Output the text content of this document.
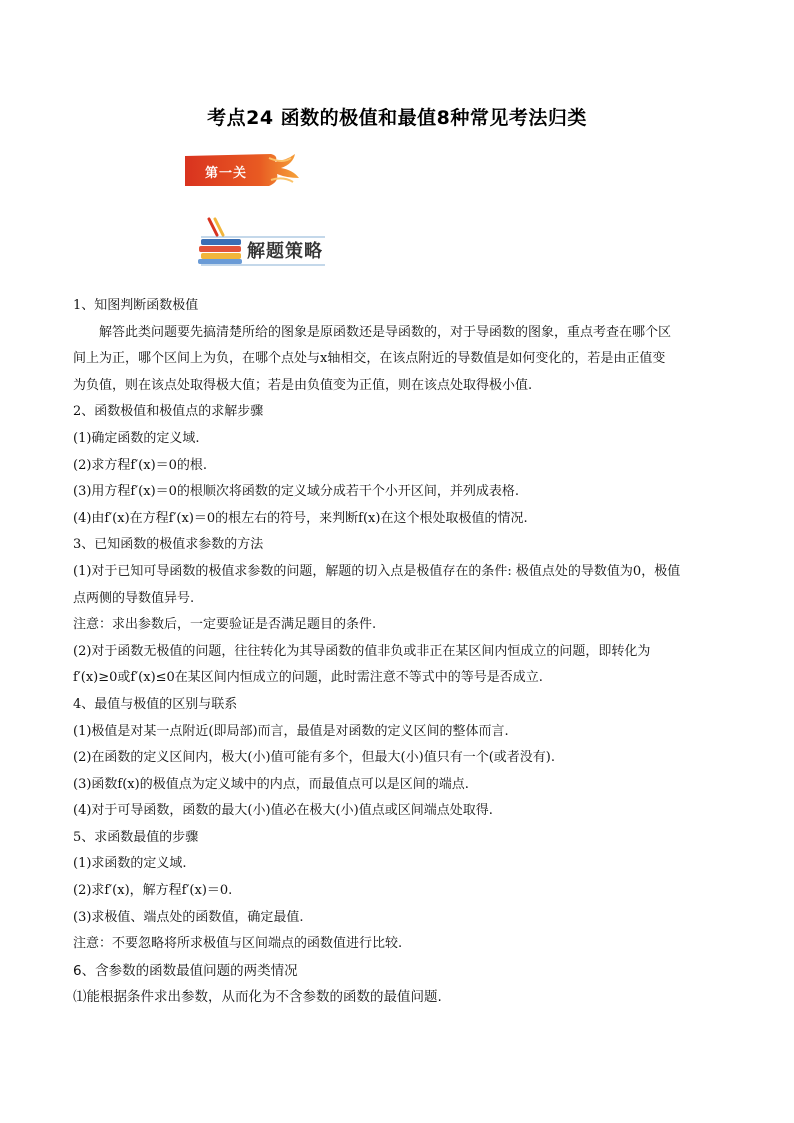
考点24 函数的极值和最值8种常见考法归类
第一关
解题策略
1、知图判断函数极值
解答此类问题要先搞清楚所给的图象是原函数还是导函数的，对于导函数的图象，重点考查在哪个区
间上为正，哪个区间上为负，在哪个点处与x轴相交，在该点附近的导数值是如何变化的，若是由正值变
为负值，则在该点处取得极大值；若是由负值变为正值，则在该点处取得极小值.
2、函数极值和极值点的求解步骤
(1)确定函数的定义域.
(2)求方程f′(x)＝0的根.
(3)用方程f′(x)＝0的根顺次将函数的定义域分成若干个小开区间，并列成表格.
(4)由f′(x)在方程f′(x)＝0的根左右的符号，来判断f(x)在这个根处取极值的情况.
3、已知函数的极值求参数的方法
(1)对于已知可导函数的极值求参数的问题，解题的切入点是极值存在的条件: 极值点处的导数值为0，极值
点两侧的导数值异号.
注意：求出参数后，一定要验证是否满足题目的条件.
(2)对于函数无极值的问题，往往转化为其导函数的值非负或非正在某区间内恒成立的问题，即转化为
f′(x)≥0或f′(x)≤0在某区间内恒成立的问题，此时需注意不等式中的等号是否成立.
4、最值与极值的区别与联系
(1)极值是对某一点附近(即局部)而言，最值是对函数的定义区间的整体而言.
(2)在函数的定义区间内，极大(小)值可能有多个，但最大(小)值只有一个(或者没有).
(3)函数f(x)的极值点为定义域中的内点，而最值点可以是区间的端点.
(4)对于可导函数，函数的最大(小)值必在极大(小)值点或区间端点处取得.
5、求函数最值的步骤
(1)求函数的定义域.
(2)求f′(x)，解方程f′(x)＝0.
(3)求极值、端点处的函数值，确定最值.
注意：不要忽略将所求极值与区间端点的函数值进行比较.
6、含参数的函数最值问题的两类情况
⑴能根据条件求出参数，从而化为不含参数的函数的最值问题.
